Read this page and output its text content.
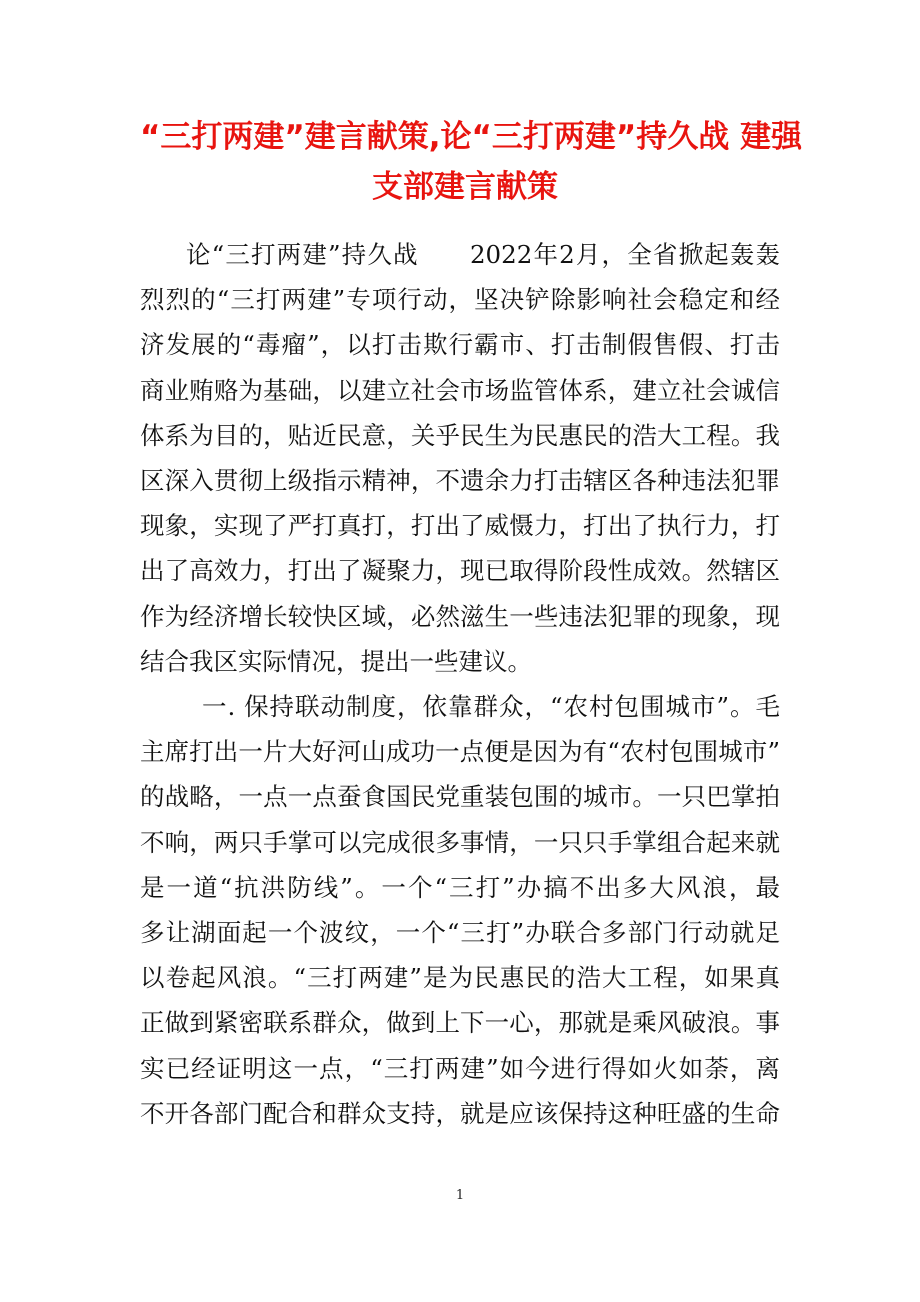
“三打两建”建言献策,论“三打两建”持久战 建强
支部建言献策
论“三打两建”持久战　　2022年2月，全省掀起轰轰
烈烈的“三打两建”专项行动，坚决铲除影响社会稳定和经
济发展的“毒瘤”，以打击欺行霸市、打击制假售假、打击
商业贿赂为基础，以建立社会市场监管体系，建立社会诚信
体系为目的，贴近民意，关乎民生为民惠民的浩大工程。我
区深入贯彻上级指示精神，不遗余力打击辖区各种违法犯罪
现象，实现了严打真打，打出了威慑力，打出了执行力，打
出了高效力，打出了凝聚力，现已取得阶段性成效。然辖区
作为经济增长较快区域，必然滋生一些违法犯罪的现象，现
结合我区实际情况，提出一些建议。
一. 保持联动制度，依靠群众，“农村包围城市”。毛
主席打出一片大好河山成功一点便是因为有“农村包围城市”
的战略，一点一点蚕食国民党重装包围的城市。一只巴掌拍
不响，两只手掌可以完成很多事情，一只只手掌组合起来就
是一道“抗洪防线”。一个“三打”办搞不出多大风浪，最
多让湖面起一个波纹，一个“三打”办联合多部门行动就足
以卷起风浪。“三打两建”是为民惠民的浩大工程，如果真
正做到紧密联系群众，做到上下一心，那就是乘风破浪。事
实已经证明这一点，“三打两建”如今进行得如火如荼，离
不开各部门配合和群众支持，就是应该保持这种旺盛的生命
1
